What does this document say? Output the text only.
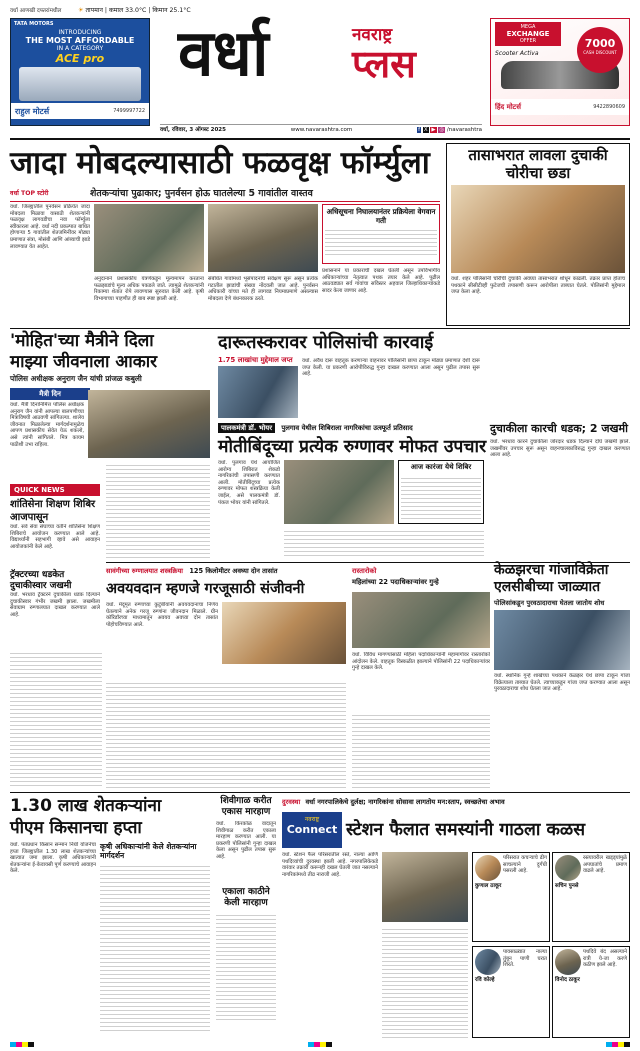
वर्धा आणखी दफ्तरांमधील	☀ तापमान | कमाल 33.0°C | किमान 25.1°C
TATA MOTORS
INTRODUCING
THE MOST AFFORDABLE
IN A CATEGORY
ACE pro
राहुल मोटर्स	7499997722
वर्धा	नवराष्ट्र
प्लस
MEGA
EXCHANGE
OFFER	7000
CASH DISCOUNT
Scooter Activa
हिंद मोटर्स	9422890609
वर्धा, रविवार, 3 ऑगस्ट 2025	www.navarashtra.com	f X ▶ ◎ /navarashtra
जादा मोबदल्यासाठी फळवृक्ष फॉर्म्युला
वर्धा TOP स्टोरी	शेतकऱ्यांचा पुढाकार; पुनर्वसन होऊ घातलेल्या 5 गावांतील वास्तव
वर्धा. जिल्ह्यातील पुनर्वसन प्रक्रियेत जादा मोबदला मिळावा यासाठी शेतकऱ्यांनी फळवृक्ष लागवडीचा नवा फॉर्म्युला स्वीकारला आहे. वर्धा नदी प्रकल्पात बाधित होणाऱ्या 5 गावांतील शेतजमिनींवर मोठ्या प्रमाणात संत्रा, मोसंबी आणि आंब्याची झाडे लावण्यात येत आहेत.
अनुदानाने प्रशासकीय यंत्रणेकडून मूल्यमापन करताना फळझाडांचे मूल्य अधिक पकडले जाते. त्यामुळे शेतकऱ्यांनी रिकाम्या शेतात रोपे लावण्यास सुरुवात केली आहे. कृषी विभागाच्या पाहणीत ही बाब स्पष्ट झाली आहे.
संबंधित गावांमध्ये भूसंपादनाचे सर्वेक्षण सुरू असून प्रत्येक गटातील झाडांची संख्या नोंदवली जात आहे. पुनर्वसन अधिकारी यांच्या मते ही लागवड नियमाप्रमाणे असल्यास मोबदला देणे बंधनकारक ठरते.
अधिसूचना निघालयानंतर प्रक्रियेला वेगवान गती
प्रशासनाने या प्रकाराची दखल घेतली असून उपविभागीय अधिकाऱ्यांच्या नेतृत्वात पथक तयार केले आहे. पुढील आठवड्यात सर्व गावांचा सविस्तर अहवाल जिल्हाधिकाऱ्यांकडे सादर केला जाणार आहे.
तासाभरात लावला दुचाकी चोरीचा छडा
वर्धा. शहर पोलिसांनी चोरीची दुचाकी अवघ्या तासाभरात शोधून काढली. तक्रार प्राप्त होताच पथकाने सीसीटीव्ही फुटेजची तपासणी करून आरोपीला ताब्यात घेतले. पोलिसांनी मुद्देमाल जप्त केला आहे.
'मोहित'च्या मैत्रीने दिला
माझ्या जीवनाला आकार
पोलिस अधीक्षक अनुराग जैन यांची प्रांजळ कबुली
मैत्री दिन
वर्धा. मैत्री दिनानिमित्त पोलिस अधीक्षक अनुराग जैन यांनी आपल्या बालपणीच्या मित्राविषयी आठवणी सांगितल्या. शालेय जीवनात मिळालेल्या मार्गदर्शनामुळेच आपण प्रशासकीय सेवेत येऊ शकलो, असे त्यांनी सांगितले. मित्र कायम पाठीशी उभा राहिला.
दारूतस्करावर पोलिसांची कारवाई
1.75 लाखांचा मुद्देमाल जप्त	वर्धा. अवैध दारू वाहतूक करणाऱ्या वाहनावर पोलिसांनी छापा टाकून मोठ्या प्रमाणात देशी दारू जप्त केली. या प्रकरणी आरोपीविरुद्ध गुन्हा दाखल करण्यात आला असून पुढील तपास सुरू आहे.
पालकमंत्री डॉ. भोयर पुलगाव येथील शिबिराला नागरिकांचा उत्स्फूर्त प्रतिसाद
मोतीबिंदूच्या प्रत्येक रुग्णावर मोफत उपचार
वर्धा. पुलगाव येथे आयोजित आरोग्य शिबिरात शेकडो नागरिकांची तपासणी करण्यात आली. मोतीबिंदूच्या प्रत्येक रुग्णावर मोफत शस्त्रक्रिया केली जाईल, असे पालकमंत्री डॉ. पंकज भोयर यांनी सांगितले.
आज कारंजा येथे शिबिर
दुचाकीला कारची धडक; 2 जखमी
वर्धा. भरधाव कारने दुचाकीला जोरदार धडक दिल्याने दोघे जखमी झाले. जखमींवर उपचार सुरू असून वाहनचालकाविरुद्ध गुन्हा दाखल करण्यात आला आहे.
QUICK NEWS
शांतिसेना शिक्षण शिबिर आजपासून
वर्धा. सर्व सेवा संघाच्या वतीने शांतिसेना शिक्षण शिबिराचे आयोजन करण्यात आले आहे. विद्यार्थ्यांनी सहभागी व्हावे असे आवाहन आयोजकांनी केले आहे.
ट्रॅक्टरच्या धडकेत दुचाकीस्वार जखमी
वर्धा. भरधाव ट्रॅक्टरने दुचाकीला धडक दिल्याने दुचाकीस्वार गंभीर जखमी झाला. जखमीला सेवाग्राम रुग्णालयात दाखल करण्यात आले आहे.
सावंगीच्या रुग्णालयात शस्त्रक्रिया 125 किलोमीटर अवघ्या दोन तासांत
अवयवदान म्हणजे गरजूसाठी संजीवनी
वर्धा. मेंदूमृत रुग्णाच्या कुटुंबीयांनी अवयवदानाचा निर्णय घेतल्याने अनेक गरजू रुग्णांना जीवनदान मिळाले. ग्रीन कॉरिडॉरच्या माध्यमातून अवयव अवघ्या दोन तासांत पोहोचविण्यात आले.
रास्तारोको
महिलांच्या 22 पदाधिकाऱ्यांवर गुन्हे
वर्धा. विविध मागण्यांसाठी महिला पदाधिकाऱ्यांनी महामार्गावर रास्तारोको आंदोलन केले. वाहतूक विस्कळीत झाल्याने पोलिसांनी 22 पदाधिकाऱ्यांवर गुन्हे दाखल केले.
केळझरचा गांजाविक्रेता
एलसीबीच्या जाळ्यात
पोलिसांकडून पुरवठादाराचा घेतला जातोय शोध
वर्धा. स्थानिक गुन्हे शाखेच्या पथकाने केळझर येथे छापा टाकून गांजा विक्रेत्याला ताब्यात घेतले. त्याच्याकडून गांजा जप्त करण्यात आला असून पुरवठादाराचा शोध घेतला जात आहे.
1.30 लाख शेतकऱ्यांना
पीएम किसानचा हप्ता
वर्धा. पंतप्रधान किसान सन्मान निधी योजनेचा हप्ता जिल्ह्यातील 1.30 लाख शेतकऱ्यांच्या खात्यात जमा झाला. कृषी अधिकाऱ्यांनी शेतकऱ्यांना ई-केवायसी पूर्ण करण्याचे आवाहन केले.
कृषी अधिकाऱ्यांनी केले शेतकऱ्यांना मार्गदर्शन
शिवीगाळ करीत एकास मारहाण
वर्धा. किरकोळ वादातून शिवीगाळ करीत एकाला मारहाण करण्यात आली. या प्रकरणी पोलिसांनी गुन्हा दाखल केला असून पुढील तपास सुरू आहे.
एकाला काठीने केली मारहाण
दुरवस्था वर्धा नगरपालिकेचे दुर्लक्ष; नागरिकांना सोसावा लागतोय मन:स्ताप, स्वच्छतेचा अभाव
नवराष्ट्र
Connect स्टेशन फैलात समस्यांनी गाठला कळस
वर्धा. स्टेशन फैल परिसरातील रस्ते, नाल्या आणि पथदिव्यांची दुरवस्था झाली आहे. नगरपालिकेकडे वारंवार तक्रारी करूनही दखल घेतली जात नसल्याने नागरिकांमध्ये तीव्र नाराजी आहे.
परिसरात कचऱ्याचे ढीग साचल्याने दुर्गंधी पसरली आहे.
कुणाल ठाकूर
रस्त्यावरील खड्ड्यांमुळे अपघातांचे प्रमाण वाढले आहे.
सचिन पुनसे
पावसाळ्यात नाल्या तुंबून पाणी घरात शिरते.
रवि कोल्हे
पथदिवे बंद असल्याने रात्री ये-जा करणे कठीण झाले आहे.
विनोद ठाकूर
